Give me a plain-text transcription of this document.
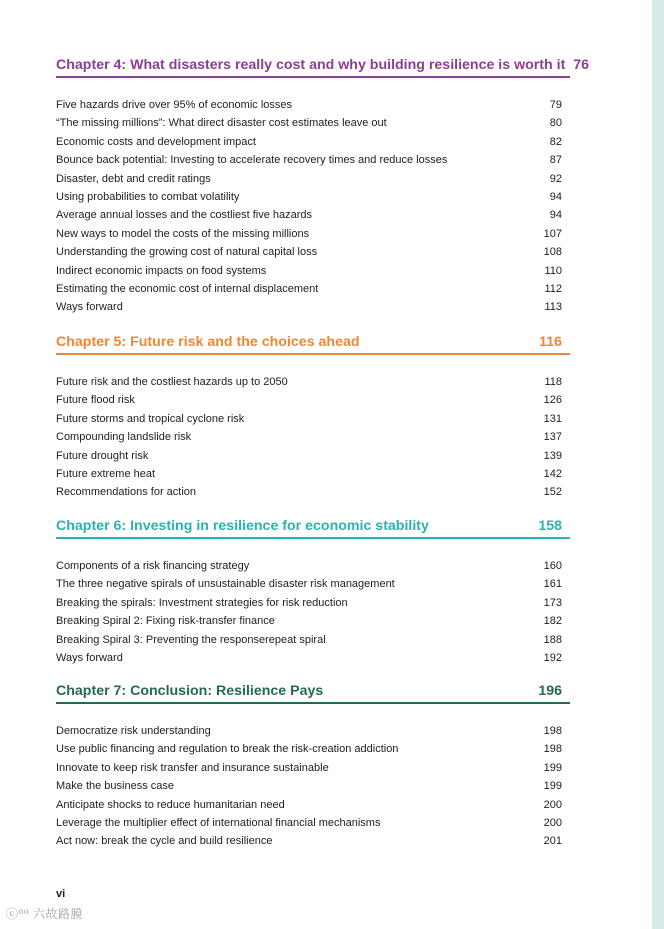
Chapter 4: What disasters really cost and why building resilience is worth it 76
Five hazards drive over 95% of economic losses	79
“The missing millions”: What direct disaster cost estimates leave out	80
Economic costs and development impact	82
Bounce back potential: Investing to accelerate recovery times and reduce losses	87
Disaster, debt and credit ratings	92
Using probabilities to combat volatility	94
Average annual losses and the costliest five hazards	94
New ways to model the costs of the missing millions	107
Understanding the growing cost of natural capital loss	108
Indirect economic impacts on food systems	110
Estimating the economic cost of internal displacement	112
Ways forward	113
Chapter 5: Future risk and the choices ahead	116
Future risk and the costliest hazards up to 2050	118
Future flood risk	126
Future storms and tropical cyclone risk	131
Compounding landslide risk	137
Future drought risk	139
Future extreme heat	142
Recommendations for action	152
Chapter 6: Investing in resilience for economic stability	158
Components of a risk financing strategy	160
The three negative spirals of unsustainable disaster risk management	161
Breaking the spirals: Investment strategies for risk reduction	173
Breaking Spiral 2: Fixing risk-transfer finance	182
Breaking Spiral 3: Preventing the responserepeat spiral	188
Ways forward	192
Chapter 7: Conclusion: Resilience Pays	196
Democratize risk understanding	198
Use public financing and regulation to break the risk-creation addiction	198
Innovate to keep risk transfer and insurance sustainable	199
Make the business case	199
Anticipate shocks to reduce humanitarian need	200
Leverage the multiplier effect of international financial mechanisms	200
Act now: break the cycle and build resilience	201
vi
ⓒ⁰⁰ 六故路膜
